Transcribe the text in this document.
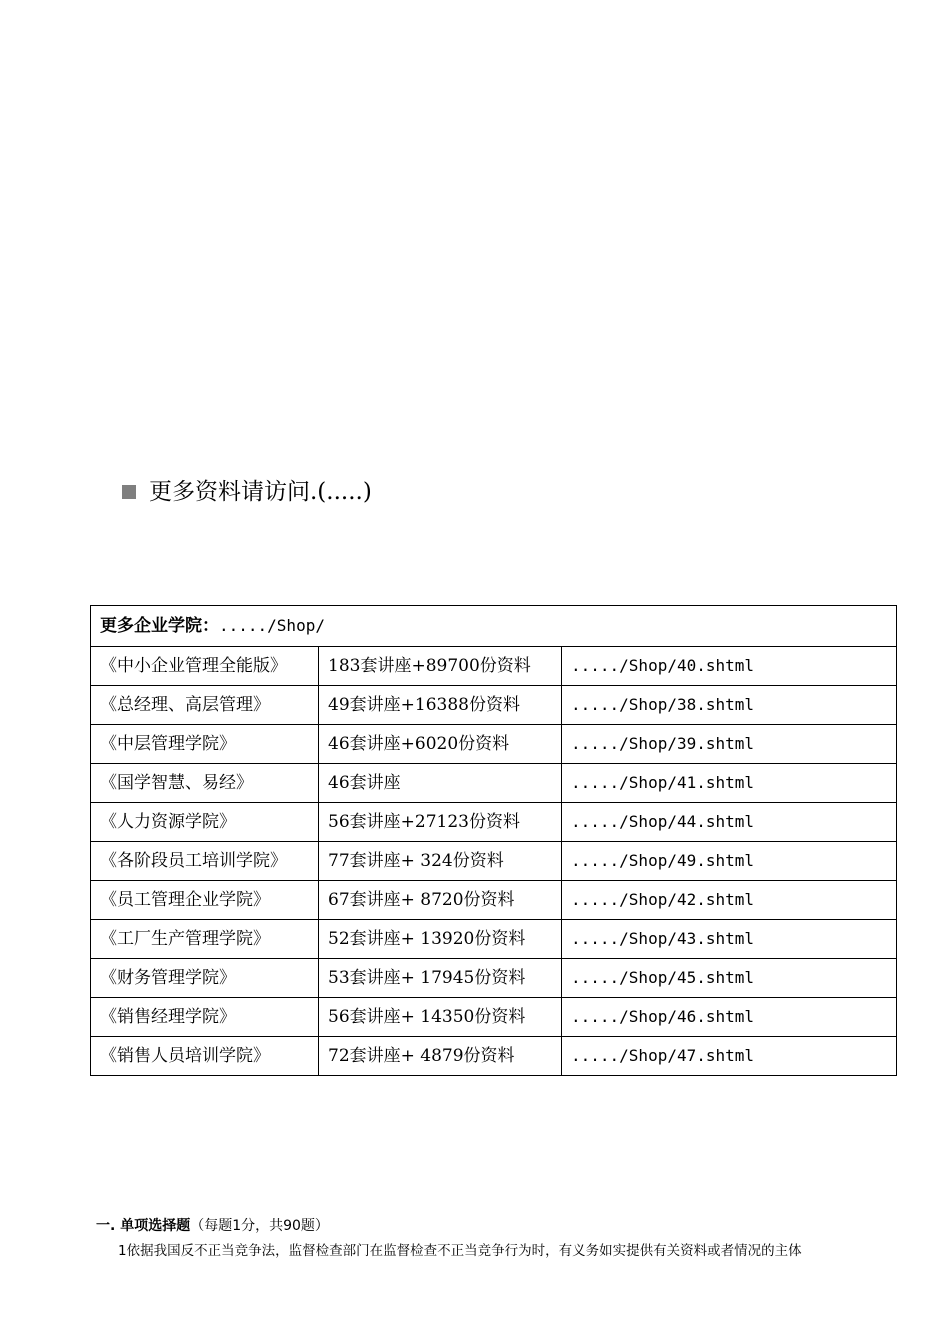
更多资料请访问.(.....)
更多企业学院：...../Shop/		
《中小企业管理全能版》	183套讲座+89700份资料	...../Shop/40.shtml
《总经理、高层管理》	49套讲座+16388份资料	...../Shop/38.shtml
《中层管理学院》	46套讲座+6020份资料	...../Shop/39.shtml
《国学智慧、易经》	46套讲座	...../Shop/41.shtml
《人力资源学院》	56套讲座+27123份资料	...../Shop/44.shtml
《各阶段员工培训学院》	77套讲座+ 324份资料	...../Shop/49.shtml
《员工管理企业学院》	67套讲座+ 8720份资料	...../Shop/42.shtml
《工厂生产管理学院》	52套讲座+ 13920份资料	...../Shop/43.shtml
《财务管理学院》	53套讲座+ 17945份资料	...../Shop/45.shtml
《销售经理学院》	56套讲座+ 14350份资料	...../Shop/46.shtml
《销售人员培训学院》	72套讲座+ 4879份资料	...../Shop/47.shtml
一. 单项选择题（每题1分，共90题）
1依据我国反不正当竞争法，监督检查部门在监督检查不正当竞争行为时，有义务如实提供有关资料或者情况的主体
